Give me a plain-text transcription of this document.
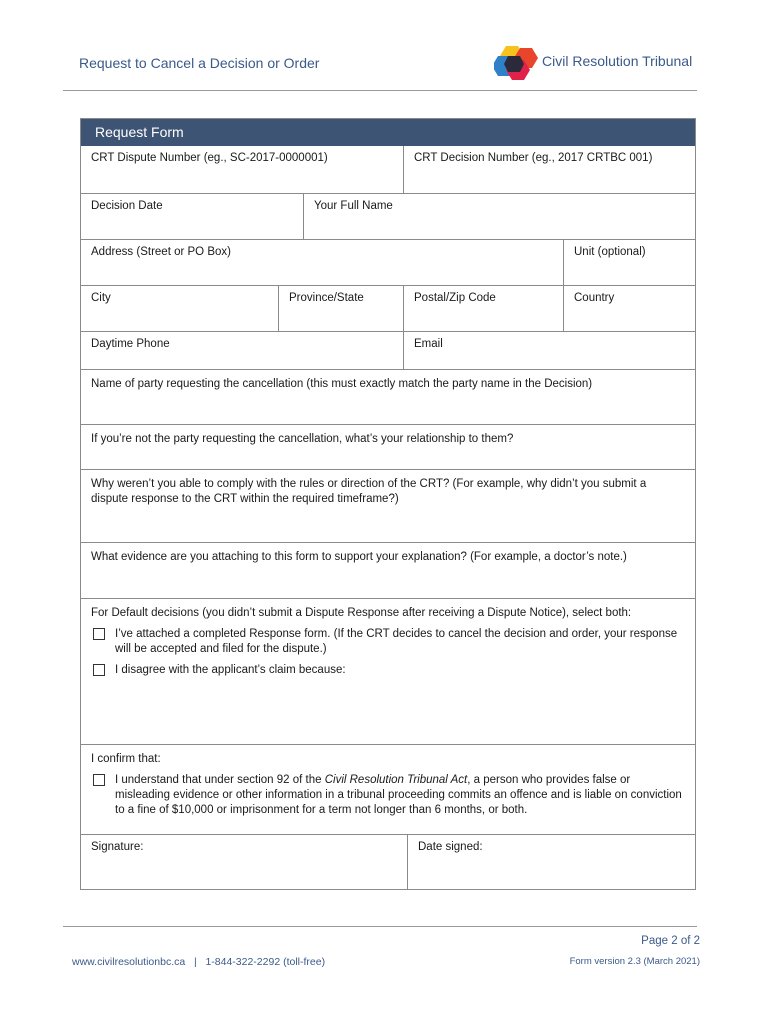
Request to Cancel a Decision or Order	Civil Resolution Tribunal
Request Form
CRT Dispute Number (eg., SC-2017-0000001)	CRT Decision Number (eg., 2017 CRTBC 001)
Decision Date	Your Full Name
Address (Street or PO Box)	Unit (optional)
City	Province/State	Postal/Zip Code	Country
Daytime Phone	Email
Name of party requesting the cancellation (this must exactly match the party name in the Decision)
If you’re not the party requesting the cancellation, what’s your relationship to them?
Why weren’t you able to comply with the rules or direction of the CRT? (For example, why didn’t you submit a dispute response to the CRT within the required timeframe?)
What evidence are you attaching to this form to support your explanation? (For example, a doctor’s note.)
For Default decisions (you didn’t submit a Dispute Response after receiving a Dispute Notice), select both:
I’ve attached a completed Response form. (If the CRT decides to cancel the decision and order, your response will be accepted and filed for the dispute.)
I disagree with the applicant’s claim because:
I confirm that:
I understand that under section 92 of the Civil Resolution Tribunal Act, a person who provides false or misleading evidence or other information in a tribunal proceeding commits an offence and is liable on conviction to a fine of $10,000 or imprisonment for a term not longer than 6 months, or both.
Signature:	Date signed:
Page 2 of 2
www.civilresolutionbc.ca   |   1-844-322-2292 (toll-free)	Form version 2.3 (March 2021)
